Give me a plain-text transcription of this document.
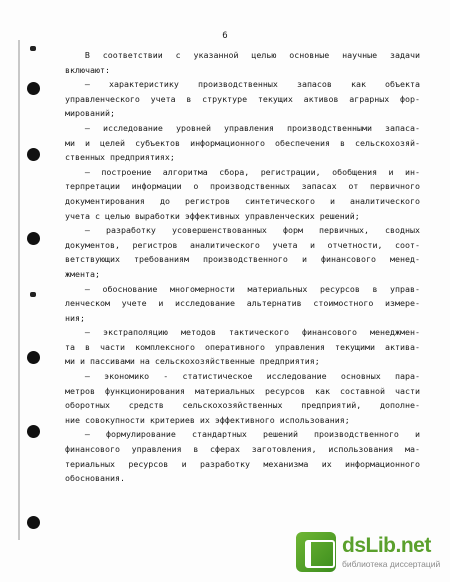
6
В соответствии с указанной целью основные научные задачи
включают:
– характеристику производственных запасов как объекта
управленческого учета в структуре текущих активов аграрных фор-
мирований;
– исследование уровней управления производственными запаса-
ми и целей субъектов информационного обеспечения в сельскохозяй-
ственных предприятиях;
– построение алгоритма сбора, регистрации, обобщения и ин-
терпретации информации о производственных запасах от первичного
документирования до регистров синтетического и аналитического
учета с целью выработки эффективных управленческих решений;
– разработку усовершенствованных форм первичных, сводных
документов, регистров аналитического учета и отчетности, соот-
ветствующих требованиям производственного и финансового менед-
жмента;
– обоснование многомерности материальных ресурсов в управ-
ленческом учете и исследование альтернатив стоимостного измере-
ния;
– экстраполяцию методов тактического финансового менеджмен-
та в части комплексного оперативного управления текущими актива-
ми и пассивами на сельскохозяйственные предприятия;
– экономико - статистическое исследование основных пара-
метров функционирования материальных ресурсов как составной части
оборотных средств сельскохозяйственных предприятий, дополне-
ние совокупности критериев их эффективного использования;
– формулирование стандартных решений производственного и
финансового управления в сферах заготовления, использования ма-
териальных ресурсов и разработку механизма их информационного
обоснования.
dsLib.net
библиотека диссертаций
